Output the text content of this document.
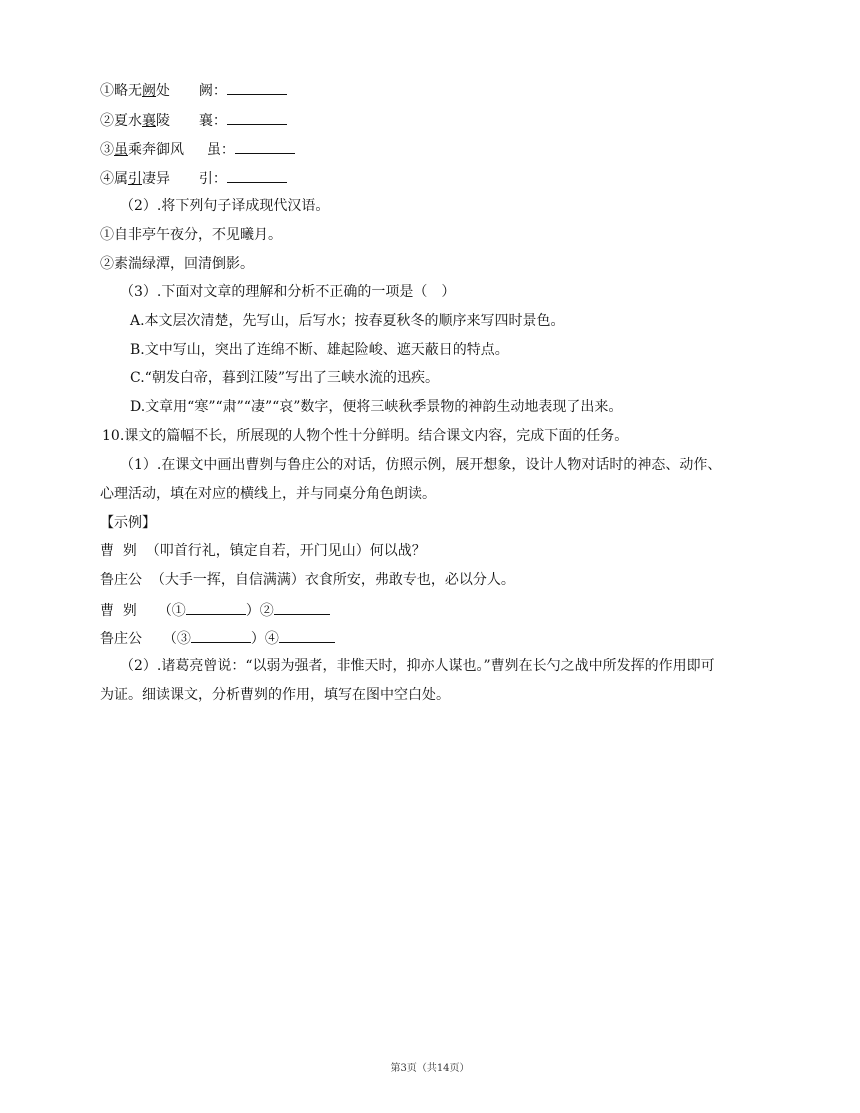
①略无阙处 阙：
②夏水襄陵 襄：
③虽乘奔御风 虽：
④属引凄异 引：
（2）.将下列句子译成现代汉语。
①自非亭午夜分，不见曦月。
②素湍绿潭，回清倒影。
（3）.下面对文章的理解和分析不正确的一项是（　）
A.本文层次清楚，先写山，后写水；按春夏秋冬的顺序来写四时景色。
B.文中写山，突出了连绵不断、雄起险峻、遮天蔽日的特点。
C.“朝发白帝，暮到江陵”写出了三峡水流的迅疾。
D.文章用“寒”“肃”“凄”“哀”数字，便将三峡秋季景物的神韵生动地表现了出来。
10.课文的篇幅不长，所展现的人物个性十分鲜明。结合课文内容，完成下面的任务。
（1）.在课文中画出曹刿与鲁庄公的对话，仿照示例，展开想象，设计人物对话时的神态、动作、
心理活动，填在对应的横线上，并与同桌分角色朗读。
【示例】
曹  刿  （叩首行礼，镇定自若，开门见山）何以战？
鲁庄公  （大手一挥，自信满满）衣食所安，弗敢专也，必以分人。
曹  刿 （①	）②
鲁庄公 （③	）④
（2）.诸葛亮曾说：“以弱为强者，非惟天时，抑亦人谋也。”曹刿在长勺之战中所发挥的作用即可
为证。细读课文，分析曹刿的作用，填写在图中空白处。
第3页（共14页）
